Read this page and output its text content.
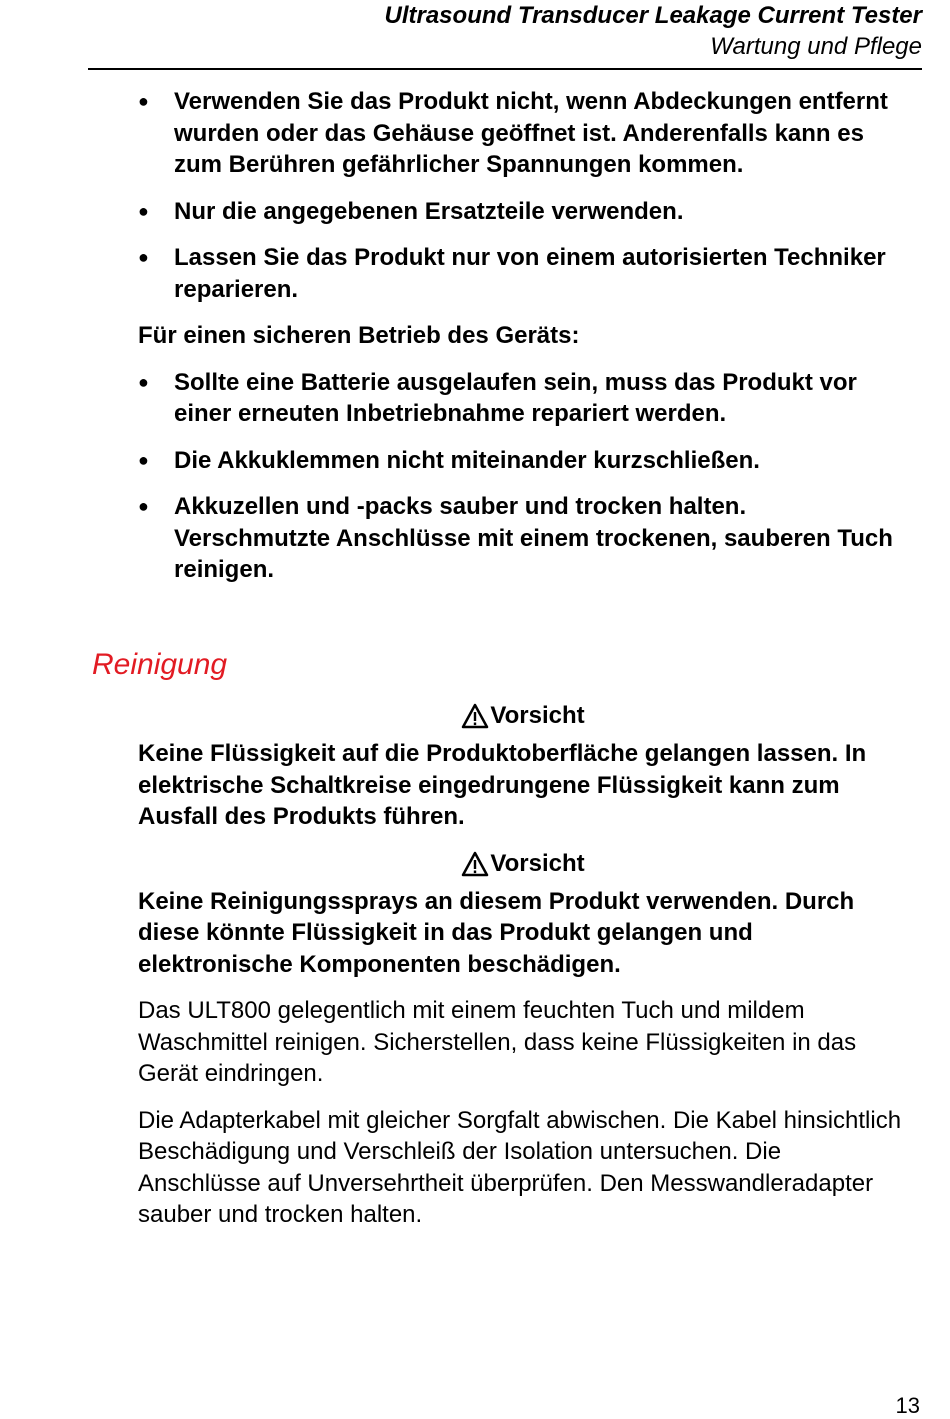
Ultrasound Transducer Leakage Current Tester
Wartung und Pflege
● Verwenden Sie das Produkt nicht, wenn Abdeckungen entfernt wurden oder das Gehäuse geöffnet ist. Anderenfalls kann es zum Berühren gefährlicher Spannungen kommen.
● Nur die angegebenen Ersatzteile verwenden.
● Lassen Sie das Produkt nur von einem autorisierten Techniker reparieren.

Für einen sicheren Betrieb des Geräts:

● Sollte eine Batterie ausgelaufen sein, muss das Produkt vor einer erneuten Inbetriebnahme repariert werden.
● Die Akkuklemmen nicht miteinander kurzschließen.
● Akkuzellen und -packs sauber und trocken halten. Verschmutzte Anschlüsse mit einem trockenen, sauberen Tuch reinigen.
Reinigung
Vorsicht

Keine Flüssigkeit auf die Produktoberfläche gelangen lassen. In elektrische Schaltkreise eingedrungene Flüssigkeit kann zum Ausfall des Produkts führen.

Vorsicht

Keine Reinigungssprays an diesem Produkt verwenden. Durch diese könnte Flüssigkeit in das Produkt gelangen und elektronische Komponenten beschädigen.

Das ULT800 gelegentlich mit einem feuchten Tuch und mildem Waschmittel reinigen. Sicherstellen, dass keine Flüssigkeiten in das Gerät eindringen.

Die Adapterkabel mit gleicher Sorgfalt abwischen. Die Kabel hinsichtlich Beschädigung und Verschleiß der Isolation untersuchen. Die Anschlüsse auf Unversehrtheit überprüfen. Den Messwandleradapter sauber und trocken halten.

13
